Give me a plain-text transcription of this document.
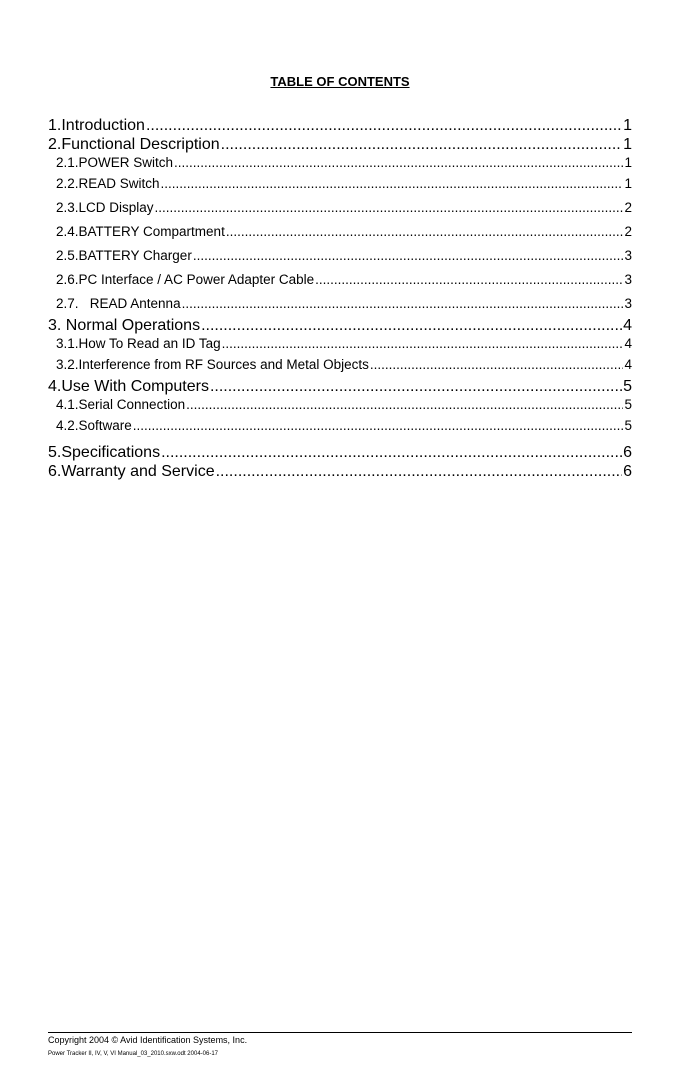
TABLE OF CONTENTS
1.Introduction .....	1
2.Functional Description .....	1
2.1.POWER Switch .....	1
2.2.READ Switch .....	1
2.3.LCD Display .....	2
2.4.BATTERY Compartment .....	2
2.5.BATTERY Charger .....	3
2.6.PC Interface / AC Power Adapter Cable .....	3
2.7.   READ Antenna .....	3
3. Normal Operations .....	4
3.1.How To Read an ID Tag .....	4
3.2.Interference from RF Sources and Metal Objects .....	4
4.Use With Computers .....	5
4.1.Serial Connection .....	5
4.2.Software .....	5
5.Specifications .....	6
6.Warranty and Service .....	6
Copyright 2004 © Avid Identification Systems, Inc.
Power Tracker II, IV, V, VI Manual_03_2010.sxw.odt 2004-06-17
